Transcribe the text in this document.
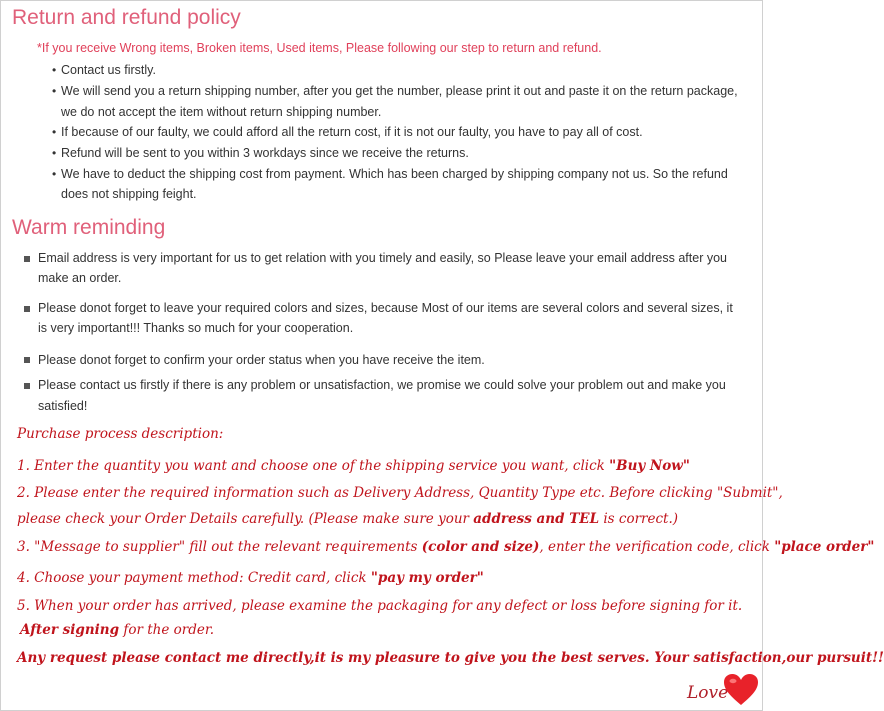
Return and refund policy
*If you receive Wrong items, Broken items, Used items, Please following our step to return and refund.
• Contact us firstly.
• We will send you a return shipping number, after you get the number, please print it out and paste it on the return package,
we do not accept the item without return shipping number.
• If because of our faulty, we could afford all the return cost, if it is not our faulty, you have to pay all of cost.
• Refund will be sent to you within 3 workdays since we receive the returns.
• We have to deduct the shipping cost from payment. Which has been charged by shipping company not us. So the refund
does not shipping feight.
Warm reminding
Email address is very important for us to get relation with you timely and easily, so Please leave your email address after you
make an order.
Please donot forget to leave your required colors and sizes, because Most of our items are several colors and several sizes, it
is very important!!! Thanks so much for your cooperation.
Please donot forget to confirm your order status when you have receive the item.
Please contact us firstly if there is any problem or unsatisfaction, we promise we could solve your problem out and make you
satisfied!
Purchase process description:
1. Enter the quantity you want and choose one of the shipping service you want, click "Buy Now"
2. Please enter the required information such as Delivery Address, Quantity Type etc. Before clicking "Submit",
please check your Order Details carefully. (Please make sure your address and TEL is correct.)
3. "Message to supplier" fill out the relevant requirements (color and size), enter the verification code, click "place order"
4. Choose your payment method: Credit card, click "pay my order"
5. When your order has arrived, please examine the packaging for any defect or loss before signing for it.
After signing for the order.
Any request please contact me directly,it is my pleasure to give you the best serves. Your satisfaction,our pursuit!!
Love
